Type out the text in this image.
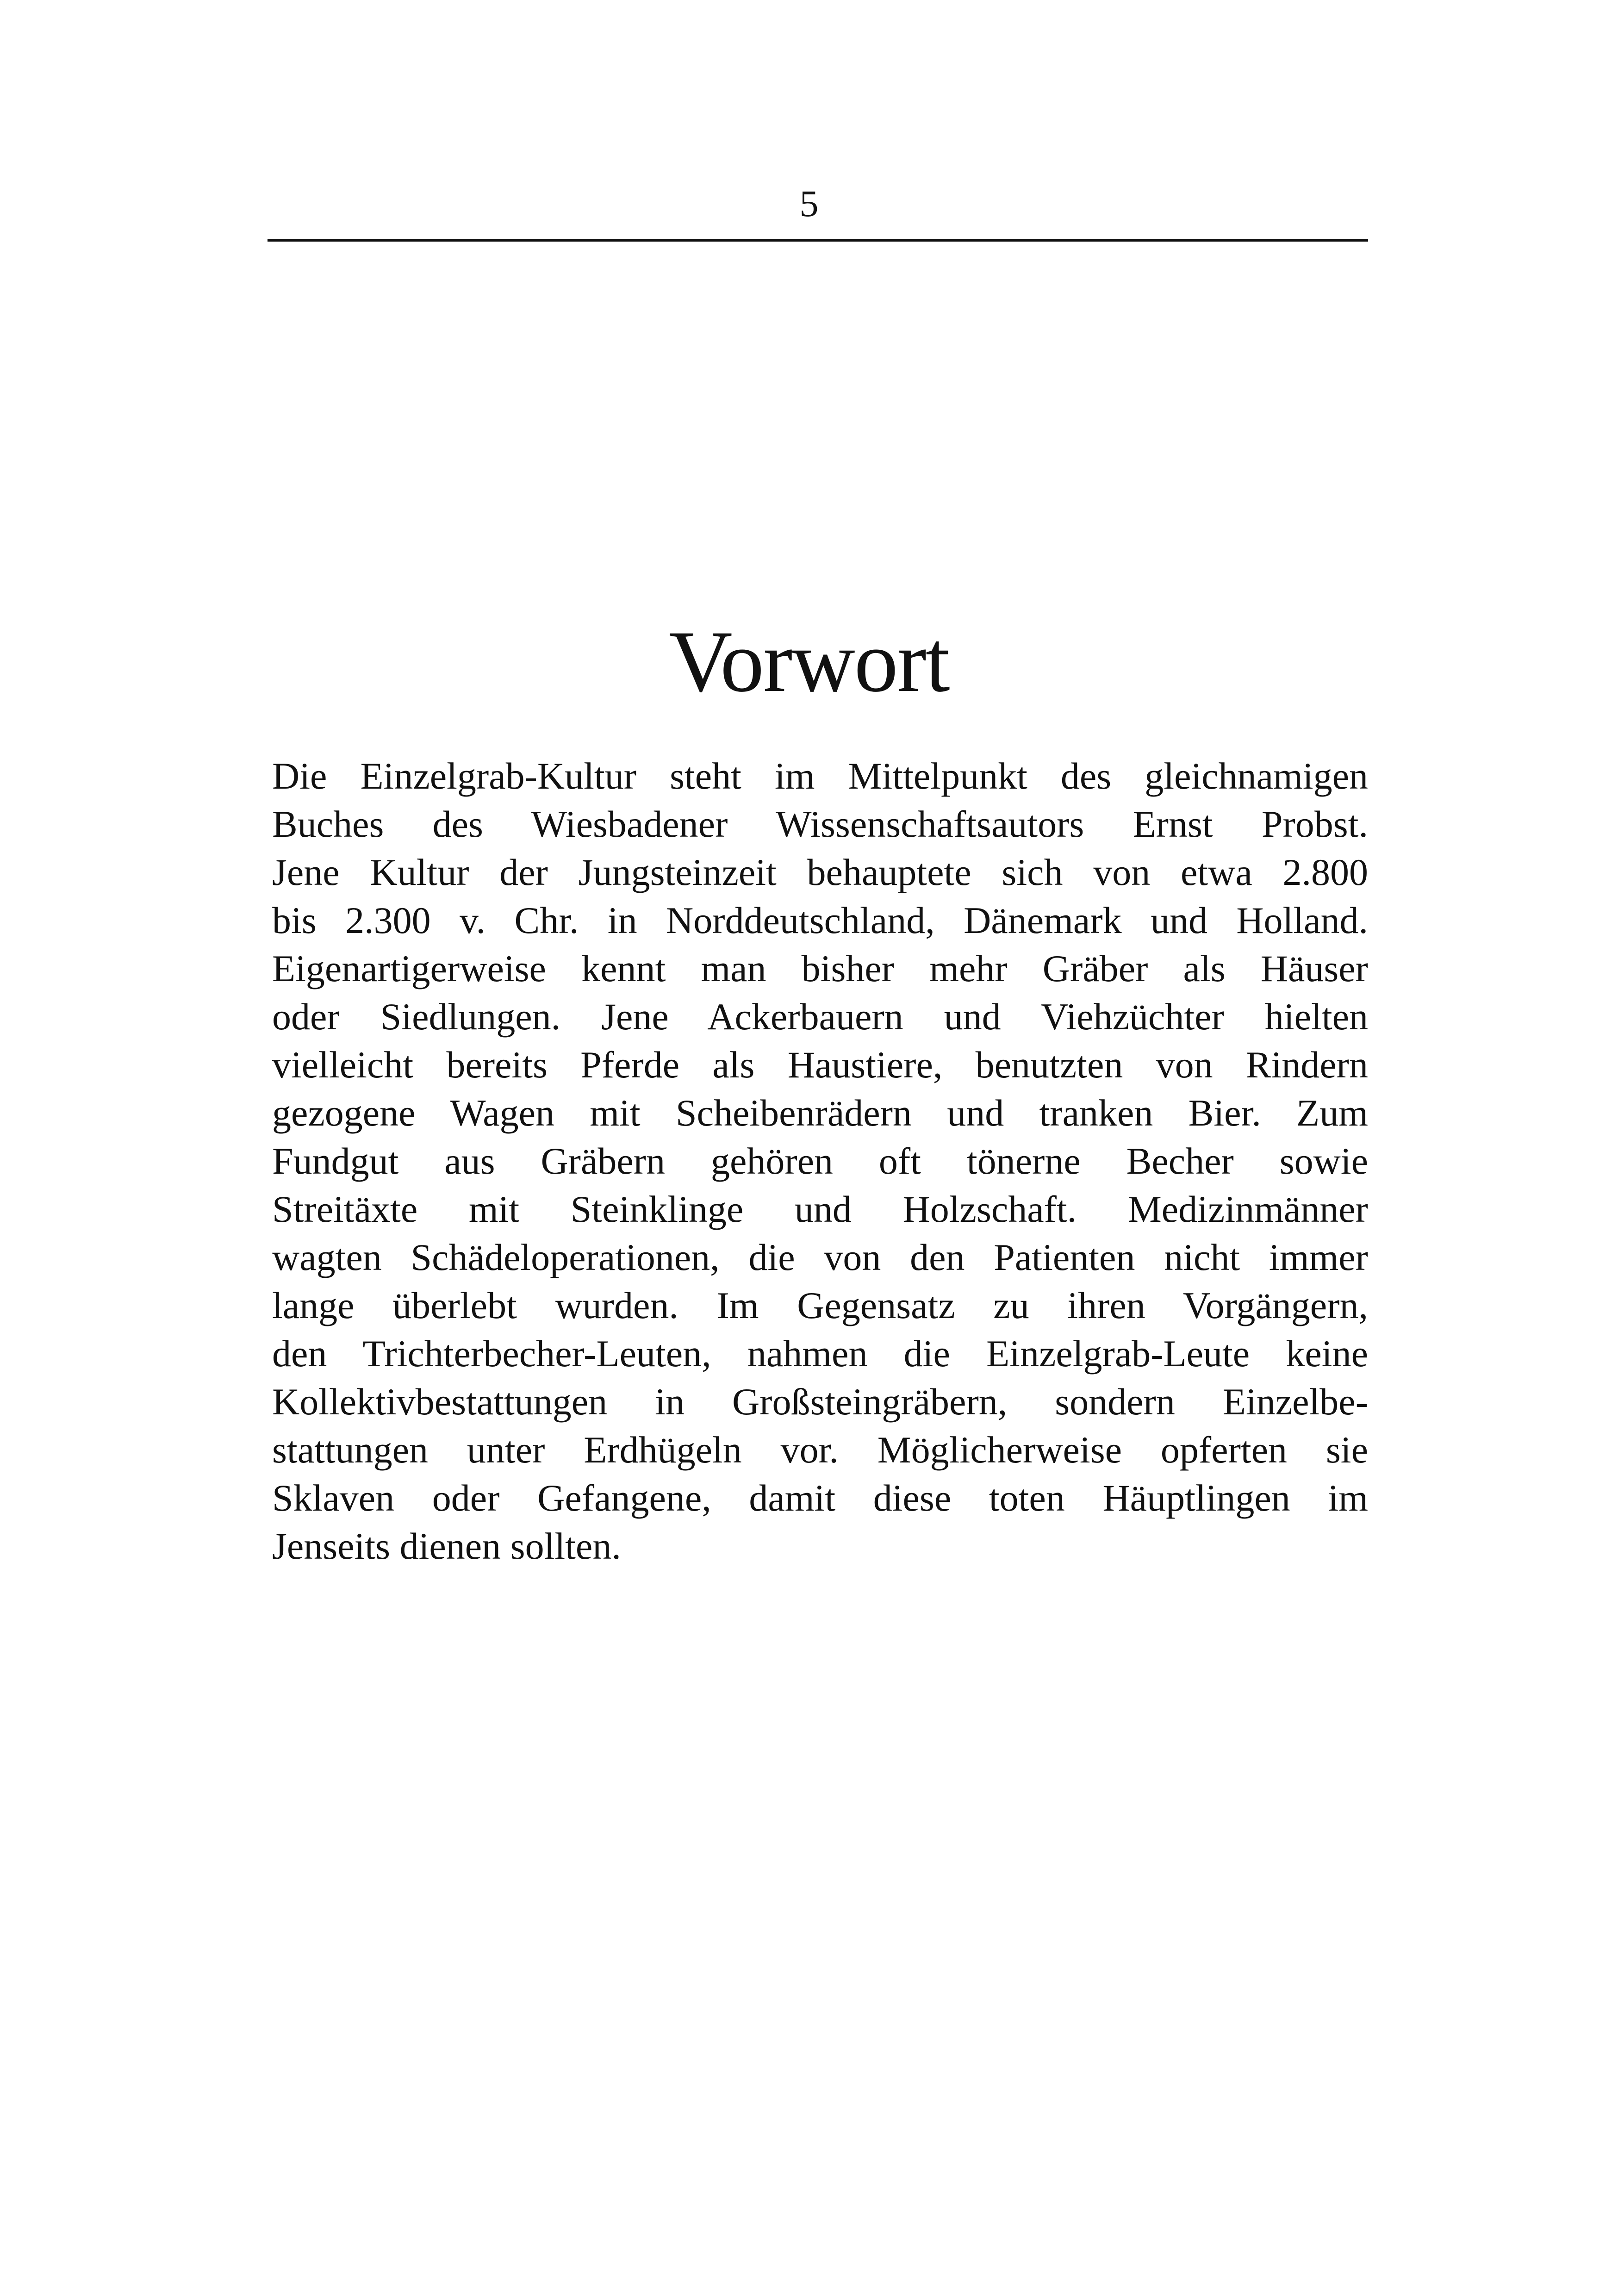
5
Vorwort
Die Einzelgrab-Kultur steht im Mittelpunkt des gleichnamigen
Buches des Wiesbadener Wissenschaftsautors Ernst Probst.
Jene Kultur der Jungsteinzeit behauptete sich von etwa 2.800
bis 2.300 v. Chr. in Norddeutschland, Dänemark und Holland.
Eigenartigerweise kennt man bisher mehr Gräber als Häuser
oder Siedlungen. Jene Ackerbauern und Viehzüchter hielten
vielleicht bereits Pferde als Haustiere, benutzten von Rindern
gezogene Wagen mit Scheibenrädern und tranken Bier. Zum
Fundgut aus Gräbern gehören oft tönerne Becher sowie
Streitäxte mit Steinklinge und Holzschaft. Medizinmänner
wagten Schädeloperationen, die von den Patienten nicht immer
lange überlebt wurden. Im Gegensatz zu ihren Vorgängern,
den Trichterbecher-Leuten, nahmen die Einzelgrab-Leute keine
Kollektivbestattungen in Großsteingräbern, sondern Einzelbe-
stattungen unter Erdhügeln vor. Möglicherweise opferten sie
Sklaven oder Gefangene, damit diese toten Häuptlingen im
Jenseits dienen sollten.
